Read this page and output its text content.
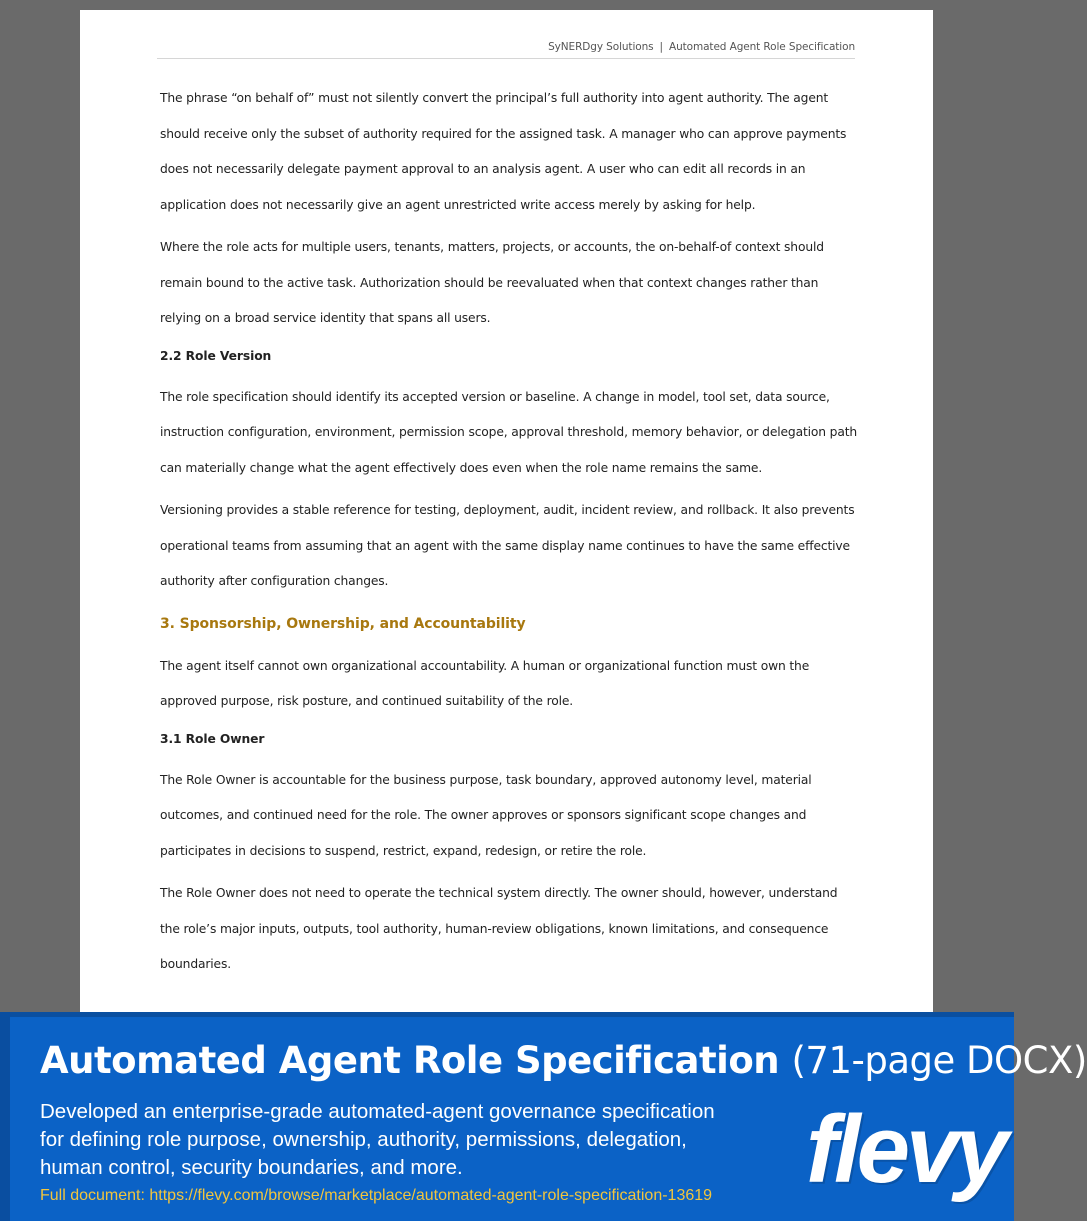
SyNERDgy Solutions | Automated Agent Role Specification

The phrase “on behalf of” must not silently convert the principal’s full authority into agent authority. The agent should receive only the subset of authority required for the assigned task. A manager who can approve payments does not necessarily delegate payment approval to an analysis agent. A user who can edit all records in an application does not necessarily give an agent unrestricted write access merely by asking for help.

Where the role acts for multiple users, tenants, matters, projects, or accounts, the on-behalf-of context should remain bound to the active task. Authorization should be reevaluated when that context changes rather than relying on a broad service identity that spans all users.

2.2 Role Version

The role specification should identify its accepted version or baseline. A change in model, tool set, data source, instruction configuration, environment, permission scope, approval threshold, memory behavior, or delegation path can materially change what the agent effectively does even when the role name remains the same.

Versioning provides a stable reference for testing, deployment, audit, incident review, and rollback. It also prevents operational teams from assuming that an agent with the same display name continues to have the same effective authority after configuration changes.

3. Sponsorship, Ownership, and Accountability

The agent itself cannot own organizational accountability. A human or organizational function must own the approved purpose, risk posture, and continued suitability of the role.

3.1 Role Owner

The Role Owner is accountable for the business purpose, task boundary, approved autonomy level, material outcomes, and continued need for the role. The owner approves or sponsors significant scope changes and participates in decisions to suspend, restrict, expand, redesign, or retire the role.

The Role Owner does not need to operate the technical system directly. The owner should, however, understand the role’s major inputs, outputs, tool authority, human-review obligations, known limitations, and consequence boundaries.

Automated Agent Role Specification (71-page DOCX)
Developed an enterprise-grade automated-agent governance specification for defining role purpose, ownership, authority, permissions, delegation, human control, security boundaries, and more.
Full document: https://flevy.com/browse/marketplace/automated-agent-role-specification-13619 flevy
